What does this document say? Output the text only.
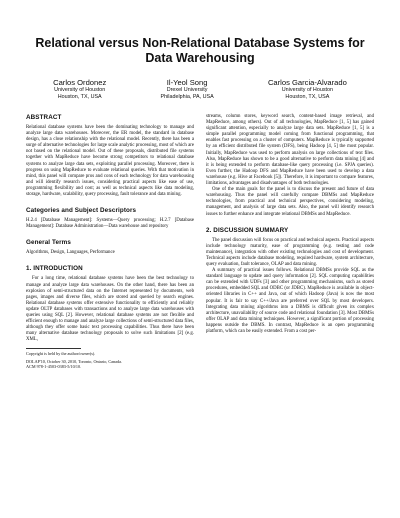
Relational versus Non-Relational Database Systems for Data Warehousing
Carlos Ordonez
University of Houston
Houston, TX, USA
Il-Yeol Song
Drexel University
Philadelphia, PA, USA
Carlos Garcia-Alvarado
University of Houston
Houston, TX, USA
ABSTRACT

Relational database systems have been the dominating technology to manage and analyze large data warehouses. Moreover, the ER model, the standard in database design, has a close relationship with the relational model. Recently, there has been a surge of alternative technologies for large scale analytic processing, most of which are not based on the relational model. Out of these proposals, distributed file systems together with MapReduce have become strong competitors to relational database systems to analyze large data sets, exploiting parallel processing. Moreover, there is progress on using MapReduce to evaluate relational queries. With that motivation in mind, this panel will compare pros and cons of each technology for data warehousing and will identify research issues, considering practical aspects like ease of use, programming flexibility and cost; as well as technical aspects like data modeling, storage, hardware, scalability, query processing, fault tolerance and data mining.

Categories and Subject Descriptors

H.2.4 [Database Management]: Systems—Query processing; H.2.7 [Database Management]: Database Administration—Data warehouse and repository

General Terms

Algorithms, Design, Languages, Performance

1. INTRODUCTION

For a long time, relational database systems have been the best technology to manage and analyze large data warehouses. On the other hand, there has been an explosion of semi-structured data on the Internet represented by documents, web pages, images and diverse files, which are stored and queried by search engines. Relational database systems offer extensive functionality to efficiently and reliably update OLTP databases with transactions and to analyze large data warehouses with queries using SQL [2]. However, relational database systems are not flexible and efficient enough to manage and analyze large collections of semi-structured data files, although they offer some basic text processing capabilities. Thus there have been many alternative database technology proposals to solve such limitations [2] (e.g. XML,

Copyright is held by the author/owner(s).

DOLAP'10, October 30, 2010, Toronto, Ontario, Canada.

ACM 978-1-4503-0383-5/10/10.

streams, column stores, keyword search, content-based image retrieval, and MapReduce, among others). Out of all technologies, MapReduce [1, 5] has gained significant attention, especially to analyze large data sets. MapReduce [1, 5] is a simple parallel programming model coming from functional programming, that enables fast processing on a cluster of computers. MapReduce is typically supported by an efficient distributed file system (DFS), being Hadoop [4, 5] the most popular. Initially, MapReduce was used to perform analysis on large collections of text files. Also, MapReduce has shown to be a good alternative to perform data mining [4] and it is being extended to perform database-like query processing (i.e. SPJA queries). Even further, the Hadoop DFS and MapReduce have been used to develop a data warehouse (e.g. Hive at Facebook [5]). Therefore, it is important to compare features, limitations, advantages and disadvantages of both technologies.

One of the main goals for the panel is to discuss the present and future of data warehousing. Thus the panel will carefully compare DBMSs and MapReduce technologies, from practical and technical perspectives, considering modeling, management, and analysis of large data sets. Also, the panel will identify research issues to further enhance and integrate relational DBMSs and MapReduce.

2. DISCUSSION SUMMARY

The panel discussion will focus on practical and technical aspects. Practical aspects include technology maturity, ease of programming (e.g. testing and code maintenance), integration with other existing technologies and cost of development. Technical aspects include database modeling, required hardware, system architecture, query evaluation, fault tolerance, OLAP and data mining.

A summary of practical issues follows. Relational DBMSs provide SQL as the standard language to update and query information [2]. SQL computing capabilities can be extended with UDFs [3] and other programming mechanisms, such as stored procedures, embedded SQL and ODBC (or JDBC). MapReduce is available in object-oriented libraries in C++ and Java, out of which Hadoop (Java) is now the most popular. It is fair to say C++/Java are preferred over SQL by most developers. Integrating data mining algorithms into a DBMS is difficult given its complex architecture, unavailability of source code and relational foundation [3]. Most DBMSs offer OLAP and data mining techniques. However, a significant portion of processing happens outside the DBMS. In contrast, MapReduce is an open programming platform, which can be easily extended. From a cost per-
